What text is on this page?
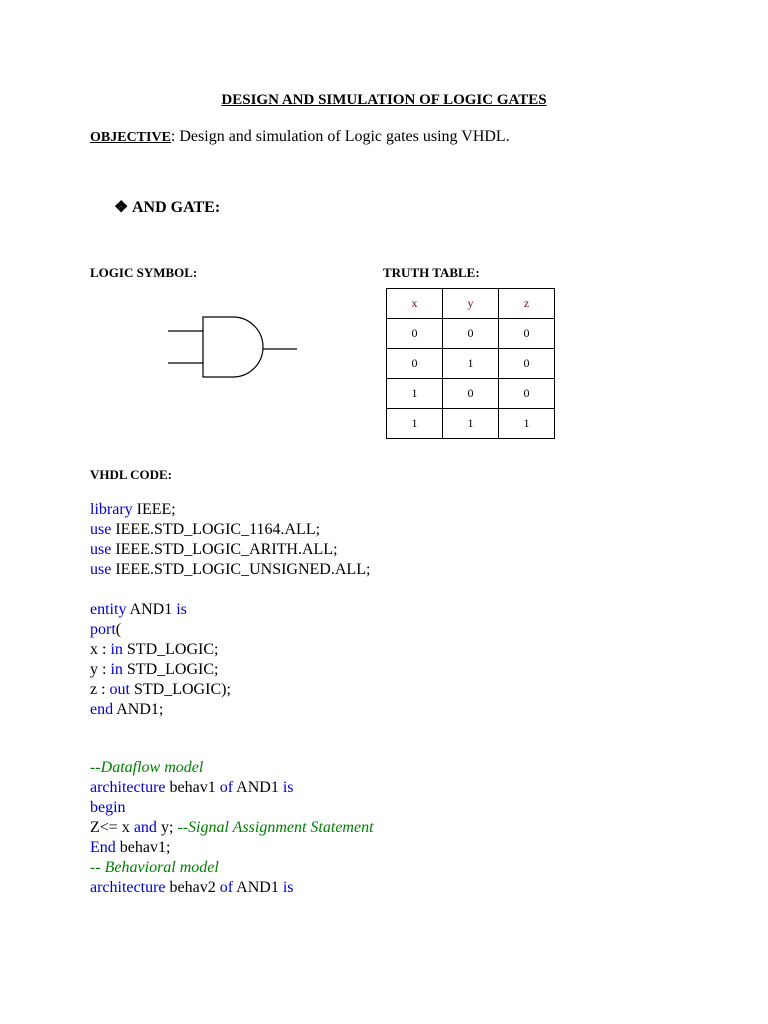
DESIGN AND SIMULATION OF LOGIC GATES
OBJECTIVE: Design and simulation of Logic gates using VHDL.
❖ AND GATE:
LOGIC SYMBOL:	TRUTH TABLE:
x	y	z
0	0	0
0	1	0
1	0	0
1	1	1
VHDL CODE:
library IEEE;
use IEEE.STD_LOGIC_1164.ALL;
use IEEE.STD_LOGIC_ARITH.ALL;
use IEEE.STD_LOGIC_UNSIGNED.ALL;
entity AND1 is
port(
x : in STD_LOGIC;
y : in STD_LOGIC;
z : out STD_LOGIC);
end AND1;
--Dataflow model
architecture behav1 of AND1 is
begin
Z<= x and y; --Signal Assignment Statement
End behav1;
-- Behavioral model
architecture behav2 of AND1 is
